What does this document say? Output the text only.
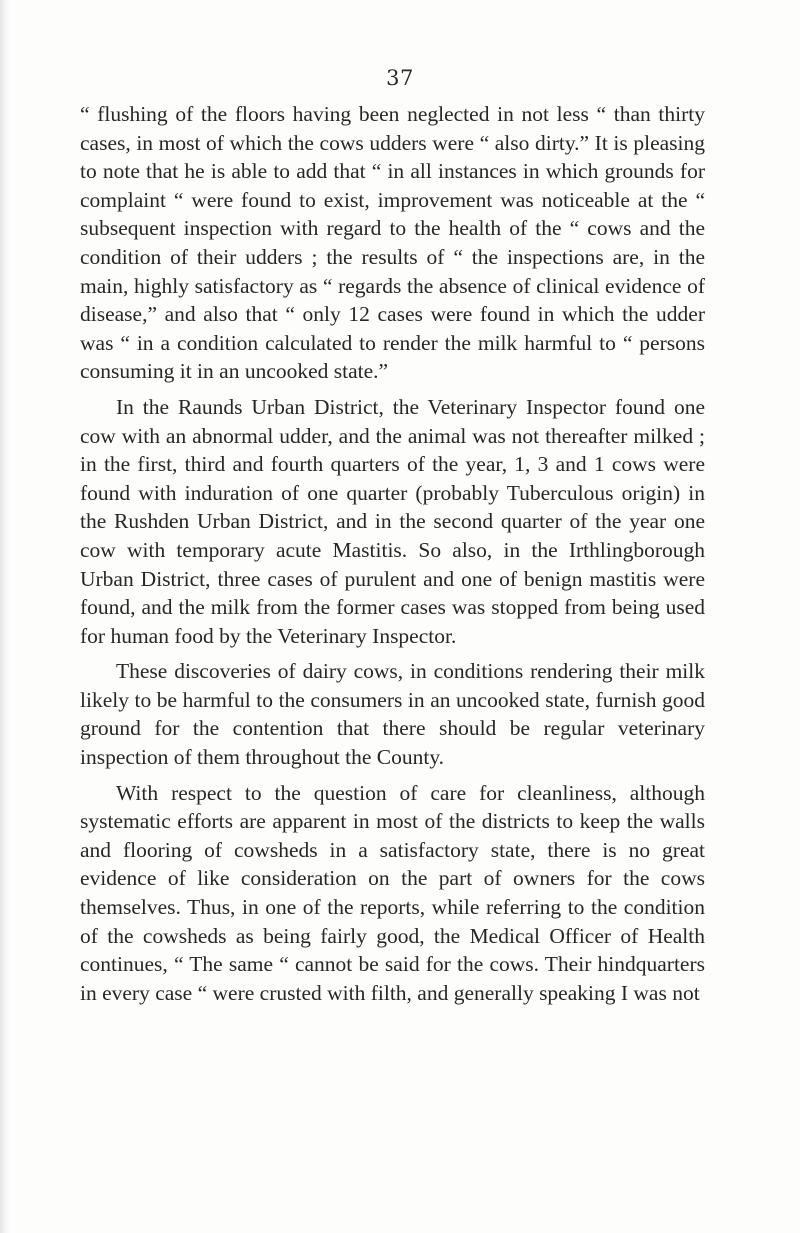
37

“ flushing of the floors having been neglected in not less “ than thirty cases, in most of which the cows udders were “ also dirty.” It is pleasing to note that he is able to add that “ in all instances in which grounds for complaint “ were found to exist, improvement was noticeable at the “ subsequent inspection with regard to the health of the “ cows and the condition of their udders ; the results of “ the inspections are, in the main, highly satisfactory as “ regards the absence of clinical evidence of disease,” and also that “ only 12 cases were found in which the udder was “ in a condition calculated to render the milk harmful to “ persons consuming it in an uncooked state.”

In the Raunds Urban District, the Veterinary Inspector found one cow with an abnormal udder, and the animal was not thereafter milked ; in the first, third and fourth quarters of the year, 1, 3 and 1 cows were found with induration of one quarter (probably Tuberculous origin) in the Rushden Urban District, and in the second quarter of the year one cow with temporary acute Mastitis. So also, in the Irthlingborough Urban District, three cases of purulent and one of benign mastitis were found, and the milk from the former cases was stopped from being used for human food by the Veterinary Inspector.

These discoveries of dairy cows, in conditions rendering their milk likely to be harmful to the consumers in an uncooked state, furnish good ground for the contention that there should be regular veterinary inspection of them throughout the County.

With respect to the question of care for cleanliness, although systematic efforts are apparent in most of the districts to keep the walls and flooring of cowsheds in a satisfactory state, there is no great evidence of like consideration on the part of owners for the cows themselves. Thus, in one of the reports, while referring to the condition of the cowsheds as being fairly good, the Medical Officer of Health continues, “ The same “ cannot be said for the cows. Their hindquarters in every case “ were crusted with filth, and generally speaking I was not
